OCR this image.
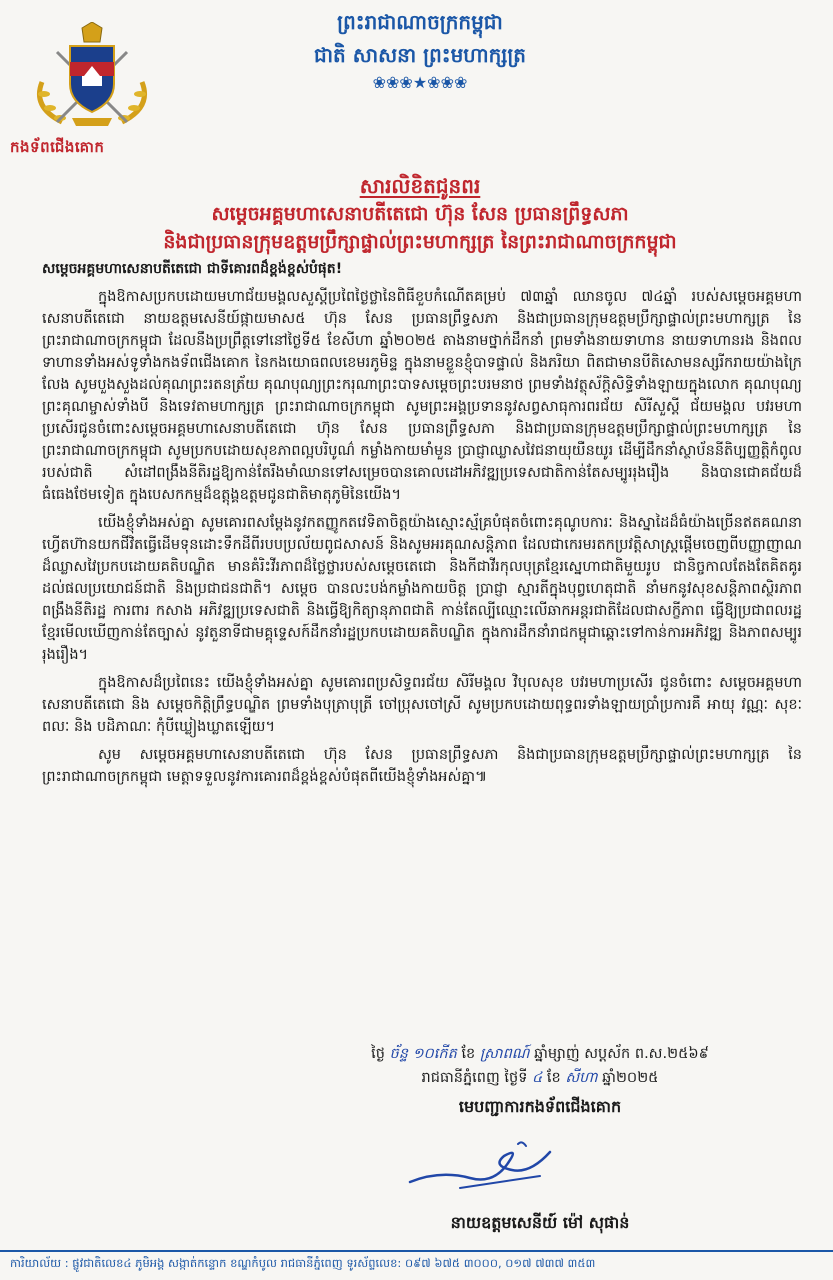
កងទ័ពជើងគោក
ព្រះរាជាណាចក្រកម្ពុជា
ជាតិ សាសនា ព្រះមហាក្សត្រ
❀❀❀★❀❀❀
សារលិខិតជូនពរ
សម្តេចអគ្គមហាសេនាបតីតេជោ ហ៊ុន សែន ប្រធានព្រឹទ្ធសភា
និងជាប្រធានក្រុមឧត្តមប្រឹក្សាផ្ទាល់ព្រះមហាក្សត្រ នៃព្រះរាជាណាចក្រកម្ពុជា
សម្តេចអគ្គមហាសេនាបតីតេជោ ជាទីគោរពដ៏ខ្ពង់ខ្ពស់បំផុត!

ក្នុងឱកាសប្រកបដោយមហាជ័យមង្គលសួស្តីប្រពៃថ្ងៃថ្លានៃពិធីខួបកំណើតគម្រប់ ៧៣ឆ្នាំ ឈានចូល ៧៤ឆ្នាំ របស់សម្តេចអគ្គមហាសេនាបតីតេជោ នាយឧត្តមសេនីយ៍ផ្កាយមាស៥ ហ៊ុន សែន ប្រធានព្រឹទ្ធសភា និងជាប្រធានក្រុមឧត្តមប្រឹក្សាផ្ទាល់ព្រះមហាក្សត្រ នៃព្រះរាជាណាចក្រកម្ពុជា ដែលនឹងប្រព្រឹត្តទៅនៅថ្ងៃទី៥ ខែសីហា ឆ្នាំ២០២៥ តាងនាមថ្នាក់ដឹកនាំ ព្រមទាំងនាយទាហាន នាយទាហានរង និងពលទាហានទាំងអស់ទូទាំងកងទ័ពជើងគោក នៃកងយោធពលខេមរភូមិន្ទ ក្នុងនាមខ្លួនខ្ញុំបាទផ្ទាល់ និងភរិយា ពិតជាមានបីតិសោមនស្សរីករាយយ៉ាងក្រៃលែង សូមបួងសួងដល់គុណព្រះរតនត្រ័យ គុណបុណ្យព្រះករុណាព្រះបាទសម្តេចព្រះបរមនាថ ព្រមទាំងវត្ថុស័ក្តិសិទ្ធិទាំងឡាយក្នុងលោក គុណបុណ្យព្រះគុណម្ចាស់ទាំងបី និងទេវតាមហាក្សត្រ ព្រះរាជាណាចក្រកម្ពុជា សូមព្រះអង្គប្រទាននូវសព្វសាធុការពរជ័យ សិរីសួស្តី ជ័យមង្គល បវរមហាប្រសើរជូនចំពោះសម្តេចអគ្គមហាសេនាបតីតេជោ ហ៊ុន សែន ប្រធានព្រឹទ្ធសភា និងជាប្រធានក្រុមឧត្តមប្រឹក្សាផ្ទាល់ព្រះមហាក្សត្រ នៃព្រះរាជាណាចក្រកម្ពុជា សូមប្រកបដោយសុខភាពល្អបរិបូណ៌ កម្លាំងកាយមាំមួន ប្រាជ្ញាឈ្លាសវៃជនាយុយឺនយូរ ដើម្បីដឹកនាំស្ថាប័ននីតិប្បញ្ញត្តិកំពូល របស់ជាតិ សំដៅពង្រឹងនីតិរដ្ឋឱ្យកាន់តែរឹងមាំឈានទៅសម្រេចបានគោលដៅអភិវឌ្ឍប្រទេសជាតិកាន់តែសម្បូររុងរឿង និងបានជោគជ័យដ៏ធំធេងថែមទៀត ក្នុងបេសកកម្មដ៏ឧត្តុង្គឧត្តមជូនជាតិមាតុភូមិនៃយើង។

យើងខ្ញុំទាំងអស់គ្នា សូមគោរពសម្តែងនូវកតញ្ញូកតវេទិតាចិត្តយ៉ាងស្មោះស្ម័គ្របំផុតចំពោះគុណូបការៈ និងស្នាដៃដ៏ធំយ៉ាងច្រើនឥតគណនា ហ្វើតហ៊ានយកជីវិតធ្វើដើមទុនដោះទឹកដីពីរបបប្រល័យពូជសាសន៍ និងសូមអរគុណសន្តិភាព ដែលជាកេរមរតកប្រវត្តិសាស្ត្រផ្តើមចេញពីបញ្ញាញាណដ៏ឈ្លាសវៃប្រកបដោយគតិបណ្ឌិត មានគំរិះវីរភាពដ៏ថ្លៃថ្លារបស់សម្តេចតេជោ និងកីជាវីរកុលបុត្រខ្មែរស្នេហាជាតិមួយរូប ជានិច្ចកាលតែងតែគិតគូរដល់ផលប្រយោជន៍ជាតិ និងប្រជាជនជាតិ។ សម្តេច បានលះបង់កម្លាំងកាយចិត្ត ប្រាជ្ញា ស្មារតីក្នុងបុព្វហេតុជាតិ នាំមកនូវសុខសន្តិភាពស្ថិរភាព ពង្រឹងនីតិរដ្ឋ ការពារ កសាង អភិវឌ្ឍប្រទេសជាតិ និងធ្វើឱ្យកិត្យានុភាពជាតិ កាន់តែល្បីឈ្មោះលើឆាកអន្តរជាតិដែលជាសក្ខីភាព ធ្វើឱ្យប្រជាពលរដ្ឋខ្មែរមើលឃើញកាន់តែច្បាស់ នូវតួនាទីជាមគ្គុទ្ទេសក៍ដឹកនាំរដ្ឋប្រកបដោយគតិបណ្ឌិត ក្នុងការដឹកនាំរាជកម្ពុជាឆ្ពោះទៅកាន់ការអភិវឌ្ឍ និងភាពសម្បូររុងរឿង។

ក្នុងឱកាសដ៏ប្រពៃនេះ យើងខ្ញុំទាំងអស់គ្នា សូមគោរពប្រសិទ្ធពរជ័យ សិរីមង្គល វិបុលសុខ បវរមហាប្រសើរ ជូនចំពោះ សម្តេចអគ្គមហាសេនាបតីតេជោ និង សម្តេចកិត្តិព្រឹទ្ធបណ្ឌិត ព្រមទាំងបុត្រាបុត្រី ចៅប្រុសចៅស្រី សូមប្រកបដោយពុទ្ធពរទាំងឡាយប្រាំប្រការគឺ អាយុ វណ្ណៈ សុខៈ ពលៈ និង បដិភាណៈ កុំបីឃ្លៀងឃ្លាតឡើយ។

សូម សម្តេចអគ្គមហាសេនាបតីតេជោ ហ៊ុន សែន ប្រធានព្រឹទ្ធសភា និងជាប្រធានក្រុមឧត្តមប្រឹក្សាផ្ទាល់ព្រះមហាក្សត្រ នៃព្រះរាជាណាចក្រកម្ពុជា មេត្តាទទួលនូវការគោរពដ៏ខ្ពង់ខ្ពស់បំផុតពីយើងខ្ញុំទាំងអស់គ្នា៕

ថ្ងៃ ច័ន្ទ ១០កើត ខែ ស្រាពណ៍ ឆ្នាំម្សាញ់ សប្តស័ក ព.ស.២៥៦៩
រាជធានីភ្នំពេញ ថ្ងៃទី ៤ ខែ សីហា ឆ្នាំ២០២៥
មេបញ្ជាការកងទ័ពជើងគោក
នាយឧត្តមសេនីយ៍ ម៉ៅ សុផាន់
ការិយាល័យ : ផ្លូវជាតិលេខ៤ ភូមិអង្គ សង្កាត់កន្ទោក ខណ្ឌកំបូល រាជធានីភ្នំពេញ ទូរស័ព្ទលេខ: ០៩៧ ៦៧៥ ៣០០០, ០១៧ ៧៣៧ ៣៥៣
